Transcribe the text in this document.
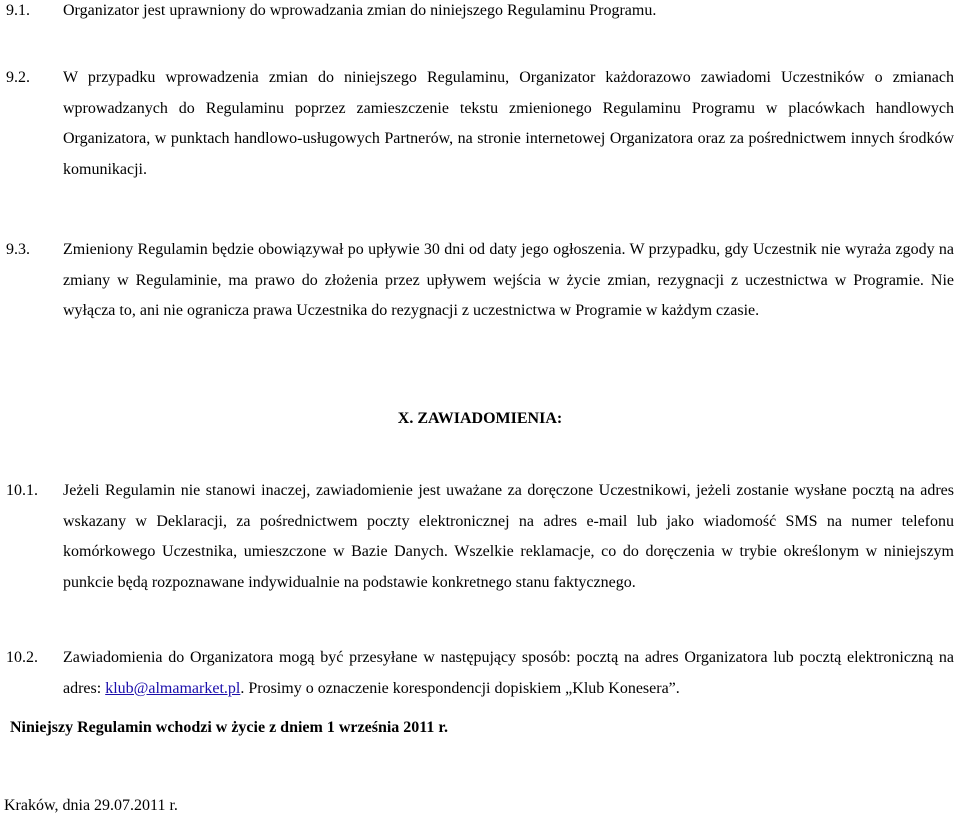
9.1.	Organizator jest uprawniony do wprowadzania zmian do niniejszego Regulaminu Programu.
9.2.	W przypadku wprowadzenia zmian do niniejszego Regulaminu, Organizator każdorazowo zawiadomi Uczestników o zmianach wprowadzanych do Regulaminu poprzez zamieszczenie tekstu zmienionego Regulaminu Programu w placówkach handlowych Organizatora, w punktach handlowo-usługowych Partnerów, na stronie internetowej Organizatora oraz za pośrednictwem innych środków komunikacji.
9.3.	Zmieniony Regulamin będzie obowiązywał po upływie 30 dni od daty jego ogłoszenia. W przypadku, gdy Uczestnik nie wyraża zgody na zmiany w Regulaminie, ma prawo do złożenia przez upływem wejścia w życie zmian, rezygnacji z uczestnictwa w Programie. Nie wyłącza to, ani nie ogranicza prawa Uczestnika do rezygnacji z uczestnictwa w Programie w każdym czasie.
X. ZAWIADOMIENIA:
10.1.	Jeżeli Regulamin nie stanowi inaczej, zawiadomienie jest uważane za doręczone Uczestnikowi, jeżeli zostanie wysłane pocztą na adres wskazany w Deklaracji, za pośrednictwem poczty elektronicznej na adres e-mail lub jako wiadomość SMS na numer telefonu komórkowego Uczestnika, umieszczone w Bazie Danych. Wszelkie reklamacje, co do doręczenia w trybie określonym w niniejszym punkcie będą rozpoznawane indywidualnie na podstawie konkretnego stanu faktycznego.
10.2.	Zawiadomienia do Organizatora mogą być przesyłane w następujący sposób: pocztą na adres Organizatora lub pocztą elektroniczną na adres: klub@almamarket.pl. Prosimy o oznaczenie korespondencji dopiskiem „Klub Konesera”.
Niniejszy Regulamin wchodzi w życie z dniem 1 września 2011 r.
Kraków, dnia 29.07.2011 r.
